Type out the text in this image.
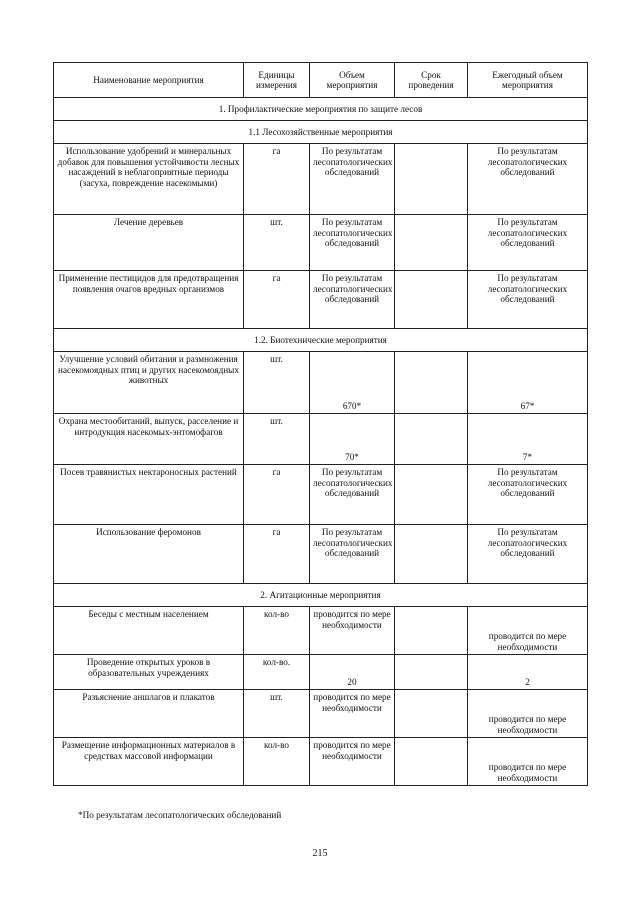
Наименование мероприятия	Единицы измерения	Объем мероприятия	Срок проведения	Ежегодный объем мероприятия
1. Профилактические мероприятия по защите лесов				
1.1 Лесохозяйственные мероприятия				
Использование удобрений и минеральных добавок для повышения устойчивости лесных насаждений в неблагоприятные периоды (засуха, повреждение насекомыми)	га	По результатам лесопатологических обследований		По результатам лесопатологических обследований
Лечение деревьев	шт.	По результатам лесопатологических обследований		По результатам лесопатологических обследований
Применение пестицидов для предотвращения появления очагов вредных организмов	га	По результатам лесопатологических обследований		По результатам лесопатологических обследований
1.2. Биотехнические мероприятия				
Улучшение условий обитания и размножения насекомоядных птиц и других насекомоядных животных	шт.	670*		67*
Охрана местообитаний, выпуск, расселение и интродукция насекомых-энтомофагов	шт.	70*		7*
Посев травянистых нектароносных растений	га	По результатам лесопатологических обследований		По результатам лесопатологических обследований
Использование феромонов	га	По результатам лесопатологических обследований		По результатам лесопатологических обследований
2. Агитационные мероприятия				
Беседы с местным населением	кол-во	проводится по мере необходимости		проводится по мере необходимости
Проведение открытых уроков в образовательных учреждениях	кол-во.	20		2
Разъяснение аншлагов и плакатов	шт.	проводится по мере необходимости		проводится по мере необходимости
Размещение информационных материалов в средствах массовой информации	кол-во	проводится по мере необходимости		проводится по мере необходимости
*По результатам лесопатологических обследований
215
